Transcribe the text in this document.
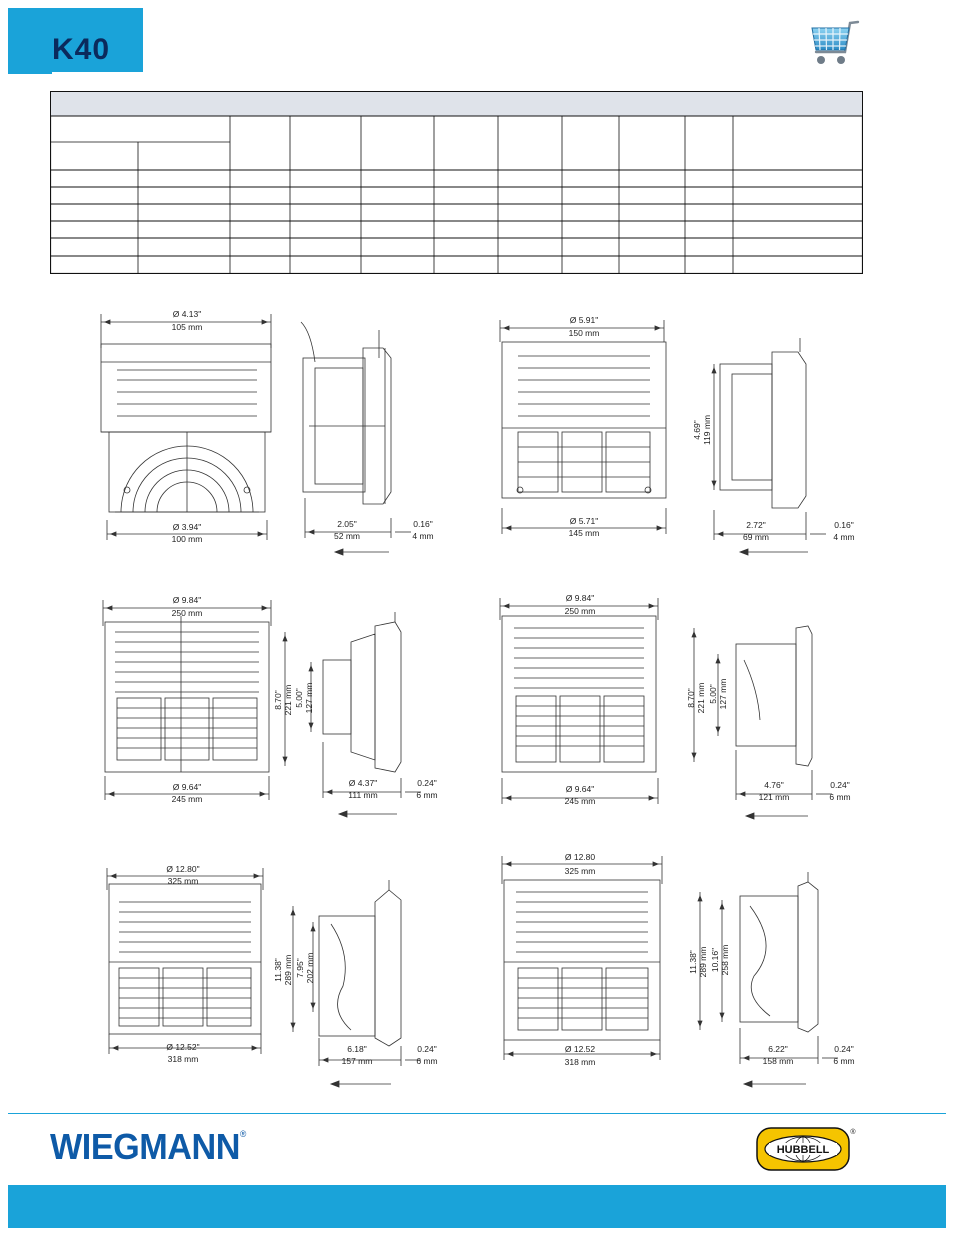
K40
Ø 4.13"
105 mm
Ø 3.94"
100 mm
2.05"
52 mm
0.16"
4 mm
Ø 5.91"
150 mm
Ø 5.71"
145 mm
4.69" 119 mm
2.72"
69 mm
0.16"
4 mm
Ø 9.84"
250 mm
Ø 9.64"
245 mm
8.70" 221 mm 5.00" 127 mm
Ø 4.37"
111 mm
0.24"
6 mm
Ø 9.84"
250 mm
Ø 9.64"
245 mm
8.70" 221 mm 5.00" 127 mm
4.76"
121 mm
0.24"
6 mm
Ø 12.80"
325 mm
Ø 12.52"
318 mm
11.38" 289 mm 7.95" 202 mm
6.18"
157 mm
0.24"
6 mm
Ø 12.80
325 mm
Ø 12.52
318 mm
11.38" 289 mm 10.16" 258 mm
6.22"
158 mm
0.24"
6 mm
WIEGMANN®
HUBBELL
®
